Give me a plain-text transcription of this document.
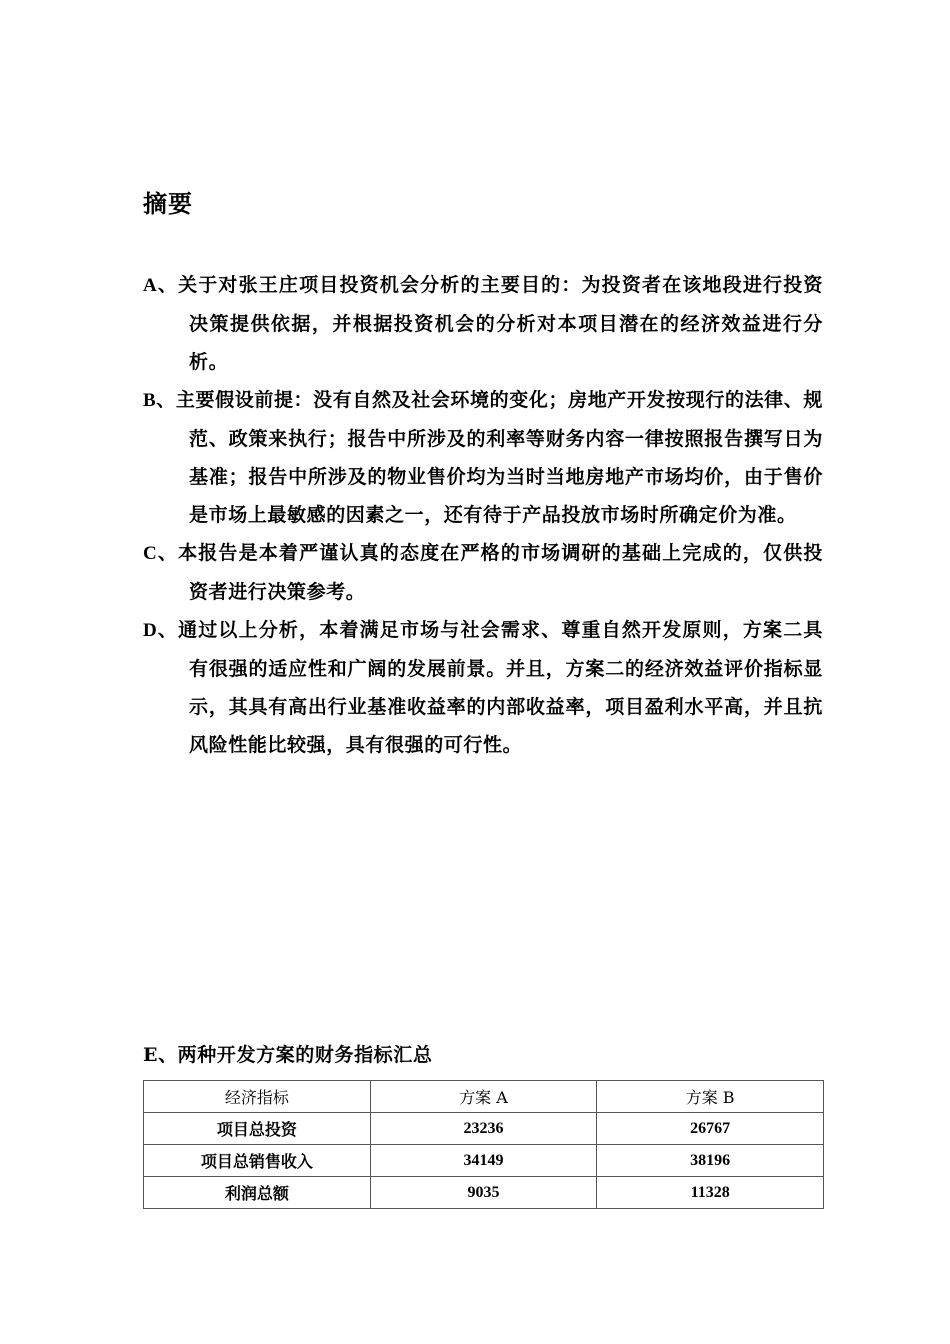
摘要
A、关于对张王庄项目投资机会分析的主要目的：为投资者在该地段进行投资决策提供依据，并根据投资机会的分析对本项目潜在的经济效益进行分析。
B、主要假设前提：没有自然及社会环境的变化；房地产开发按现行的法律、规范、政策来执行；报告中所涉及的利率等财务内容一律按照报告撰写日为基准；报告中所涉及的物业售价均为当时当地房地产市场均价，由于售价是市场上最敏感的因素之一，还有待于产品投放市场时所确定价为准。
C、本报告是本着严谨认真的态度在严格的市场调研的基础上完成的，仅供投资者进行决策参考。
D、通过以上分析，本着满足市场与社会需求、尊重自然开发原则，方案二具有很强的适应性和广阔的发展前景。并且，方案二的经济效益评价指标显示，其具有高出行业基准收益率的内部收益率，项目盈利水平高，并且抗风险性能比较强，具有很强的可行性。
E、两种开发方案的财务指标汇总
经济指标	方案 A	方案 B
项目总投资	23236	26767
项目总销售收入	34149	38196
利润总额	9035	11328
